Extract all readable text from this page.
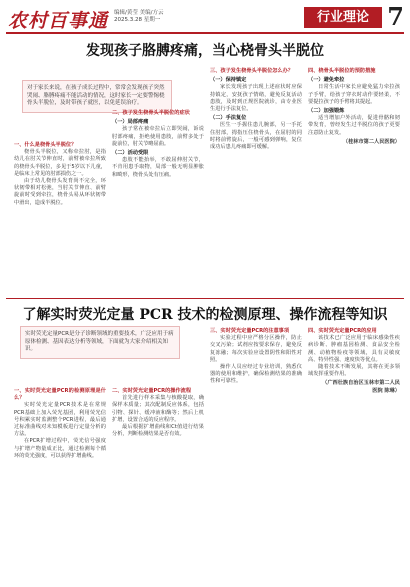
农村百事通 编辑/黄莹 美编/方云
2025.3.28 星期一	行业理论 7
发现孩子胳膊疼痛，当心桡骨头半脱位
对于家长来说，在孩子成长过程中，常常会发现孩子突然哭闹、胳膊疼痛不能活动的情况，这时家长一定要警惕桡骨头半脱位，及时带孩子就医，以免延误治疗。

一、什么是桡骨头半脱位？

桡骨头半脱位，又称牵拉肘，是指幼儿在肘关节伸直时，前臂被牵拉所致的桡骨头半脱位，多见于5岁以下儿童，是临床上常见的肘部损伤之一。

由于幼儿桡骨头发育尚不完全，环状韧带相对松弛，当肘关节伸直、前臂旋前时受到牵拉，桡骨头易从环状韧带中滑出，造成半脱位。

二、孩子发生桡骨头半脱位的症状

（一）局部疼痛

孩子常在被牵拉后立即哭闹，诉说肘部疼痛，拒绝使用患肢，前臂多处于旋前位，肘关节略屈曲。

（二）活动受限

患肢不能抬举，不敢屈伸肘关节，不肯用患手取物，局部一般无明显肿胀和畸形，桡骨头处有压痛。

三、孩子发生桡骨头半脱位怎么办？

（一）保持镇定

家长发现孩子出现上述症状时应保持镇定，安抚孩子情绪，避免反复活动患肢，及时到正规医院就诊，由专业医生进行手法复位。

（二）手法复位

医生一手握住患儿腕部，另一手托住肘部，拇指压住桡骨头，在屈肘的同时将前臂旋后，一般可感到弹响，复位成功后患儿疼痛即可缓解。

四、桡骨头半脱位的预防措施

（一）避免牵拉

日常生活中家长应避免猛力牵拉孩子手臂，给孩子穿衣时动作要轻柔，不要提拉孩子的手臂将其提起。

（二）加强锻炼

适当增加户外活动，促进骨骼和韧带发育，曾经发生过半脱位的孩子更要注意防止复发。

（桂林市第二人民医院）

了解实时荧光定量 PCR 技术的检测原理、操作流程等知识
实时荧光定量PCR是分子诊断领域的重要技术，广泛应用于病原体检测、基因表达分析等领域，下面就为大家介绍相关知识。

一、实时荧光定量PCR的检测原理是什么？

实时荧光定量PCR技术是在常规PCR基础上加入荧光基团，利用荧光信号积累实时监测整个PCR进程，最后通过标准曲线对未知模板进行定量分析的方法。

在PCR扩增过程中，荧光信号强度与扩增产物量成正比，通过检测每个循环的荧光强度，可以获得扩增曲线。

二、实时荧光定量PCR的操作流程

首先进行样本采集与核酸提取，确保样本质量；其次配制反应体系，包括引物、探针、缓冲液和酶等；然后上机扩增，设置合适的反应程序。

最后根据扩增曲线和Ct值进行结果分析，判断检测结果是否有效。

三、实时荧光定量PCR的注意事项

实验过程中应严格分区操作，防止交叉污染；试剂应按要求保存，避免反复冻融；每次实验应设置阴性和阳性对照。

操作人员应经过专业培训，熟悉仪器的使用和维护，确保检测结果的准确性和可靠性。

四、实时荧光定量PCR的应用

该技术已广泛应用于临床感染性疾病诊断、肿瘤基因检测、食品安全检测、动植物检疫等领域，具有灵敏度高、特异性强、速度快等优点。

随着技术不断发展，其将在更多领域发挥重要作用。

（广西壮族自治区玉林市第二人民医院 陈琳）
